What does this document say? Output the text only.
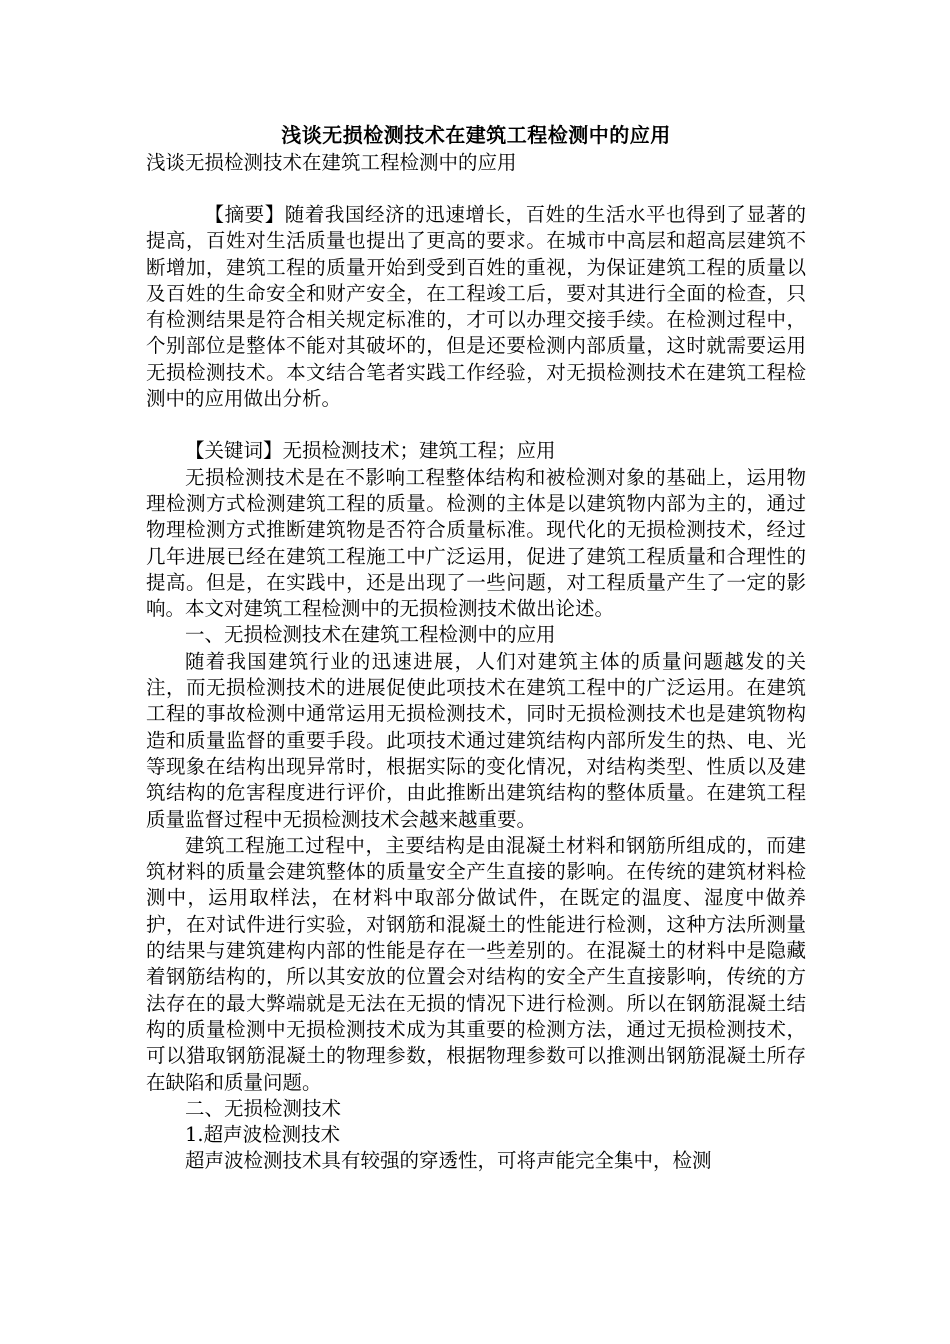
浅谈无损检测技术在建筑工程检测中的应用

浅谈无损检测技术在建筑工程检测中的应用

【摘要】随着我国经济的迅速增长，百姓的生活水平也得到了显著的提高，百姓对生活质量也提出了更高的要求。在城市中高层和超高层建筑不断增加，建筑工程的质量开始到受到百姓的重视，为保证建筑工程的质量以及百姓的生命安全和财产安全，在工程竣工后，要对其进行全面的检查，只有检测结果是符合相关规定标准的，才可以办理交接手续。在检测过程中，个别部位是整体不能对其破坏的，但是还要检测内部质量，这时就需要运用无损检测技术。本文结合笔者实践工作经验，对无损检测技术在建筑工程检测中的应用做出分析。

【关键词】无损检测技术；建筑工程；应用

无损检测技术是在不影响工程整体结构和被检测对象的基础上，运用物理检测方式检测建筑工程的质量。检测的主体是以建筑物内部为主的，通过物理检测方式推断建筑物是否符合质量标准。现代化的无损检测技术，经过几年进展已经在建筑工程施工中广泛运用，促进了建筑工程质量和合理性的提高。但是，在实践中，还是出现了一些问题，对工程质量产生了一定的影响。本文对建筑工程检测中的无损检测技术做出论述。

一、无损检测技术在建筑工程检测中的应用

随着我国建筑行业的迅速进展，人们对建筑主体的质量问题越发的关注，而无损检测技术的进展促使此项技术在建筑工程中的广泛运用。在建筑工程的事故检测中通常运用无损检测技术，同时无损检测技术也是建筑物构造和质量监督的重要手段。此项技术通过建筑结构内部所发生的热、电、光等现象在结构出现异常时，根据实际的变化情况，对结构类型、性质以及建筑结构的危害程度进行评价，由此推断出建筑结构的整体质量。在建筑工程质量监督过程中无损检测技术会越来越重要。

建筑工程施工过程中，主要结构是由混凝土材料和钢筋所组成的，而建筑材料的质量会建筑整体的质量安全产生直接的影响。在传统的建筑材料检测中，运用取样法，在材料中取部分做试件，在既定的温度、湿度中做养护，在对试件进行实验，对钢筋和混凝土的性能进行检测，这种方法所测量的结果与建筑建构内部的性能是存在一些差别的。在混凝土的材料中是隐藏着钢筋结构的，所以其安放的位置会对结构的安全产生直接影响，传统的方法存在的最大弊端就是无法在无损的情况下进行检测。所以在钢筋混凝土结构的质量检测中无损检测技术成为其重要的检测方法，通过无损检测技术，可以猎取钢筋混凝土的物理参数，根据物理参数可以推测出钢筋混凝土所存在缺陷和质量问题。

二、无损检测技术

1.超声波检测技术

超声波检测技术具有较强的穿透性，可将声能完全集中，检测
